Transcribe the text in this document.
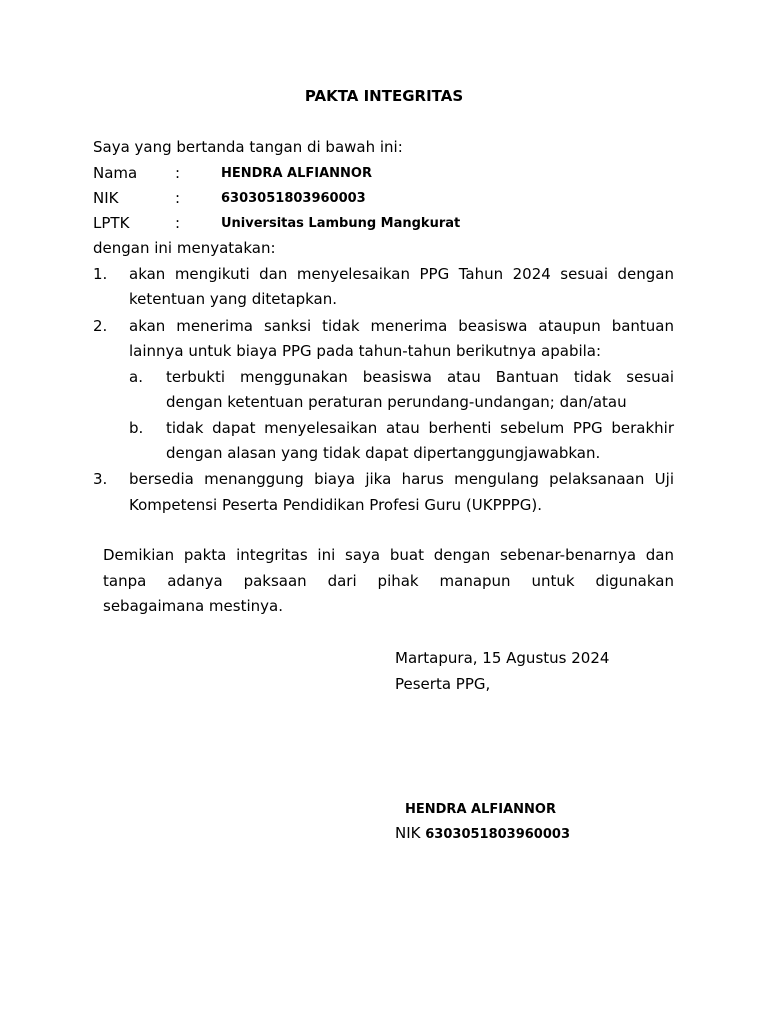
PAKTA INTEGRITAS
Saya yang bertanda tangan di bawah ini:
Nama	:	HENDRA ALFIANNOR
NIK	:	6303051803960003
LPTK	:	Universitas Lambung Mangkurat
dengan ini menyatakan:
1. akan mengikuti dan menyelesaikan PPG Tahun 2024 sesuai dengan
ketentuan yang ditetapkan.
2. akan menerima sanksi tidak menerima beasiswa ataupun bantuan
lainnya untuk biaya PPG pada tahun-tahun berikutnya apabila:
a. terbukti menggunakan beasiswa atau Bantuan tidak sesuai
dengan ketentuan peraturan perundang-undangan; dan/atau
b. tidak dapat menyelesaikan atau berhenti sebelum PPG berakhir
dengan alasan yang tidak dapat dipertanggungjawabkan.
3. bersedia menanggung biaya jika harus mengulang pelaksanaan Uji
Kompetensi Peserta Pendidikan Profesi Guru (UKPPPG).
Demikian pakta integritas ini saya buat dengan sebenar-benarnya dan
tanpa adanya paksaan dari pihak manapun untuk digunakan
sebagaimana mestinya.
Martapura, 15 Agustus 2024
Peserta PPG,
HENDRA ALFIANNOR
NIK 6303051803960003
